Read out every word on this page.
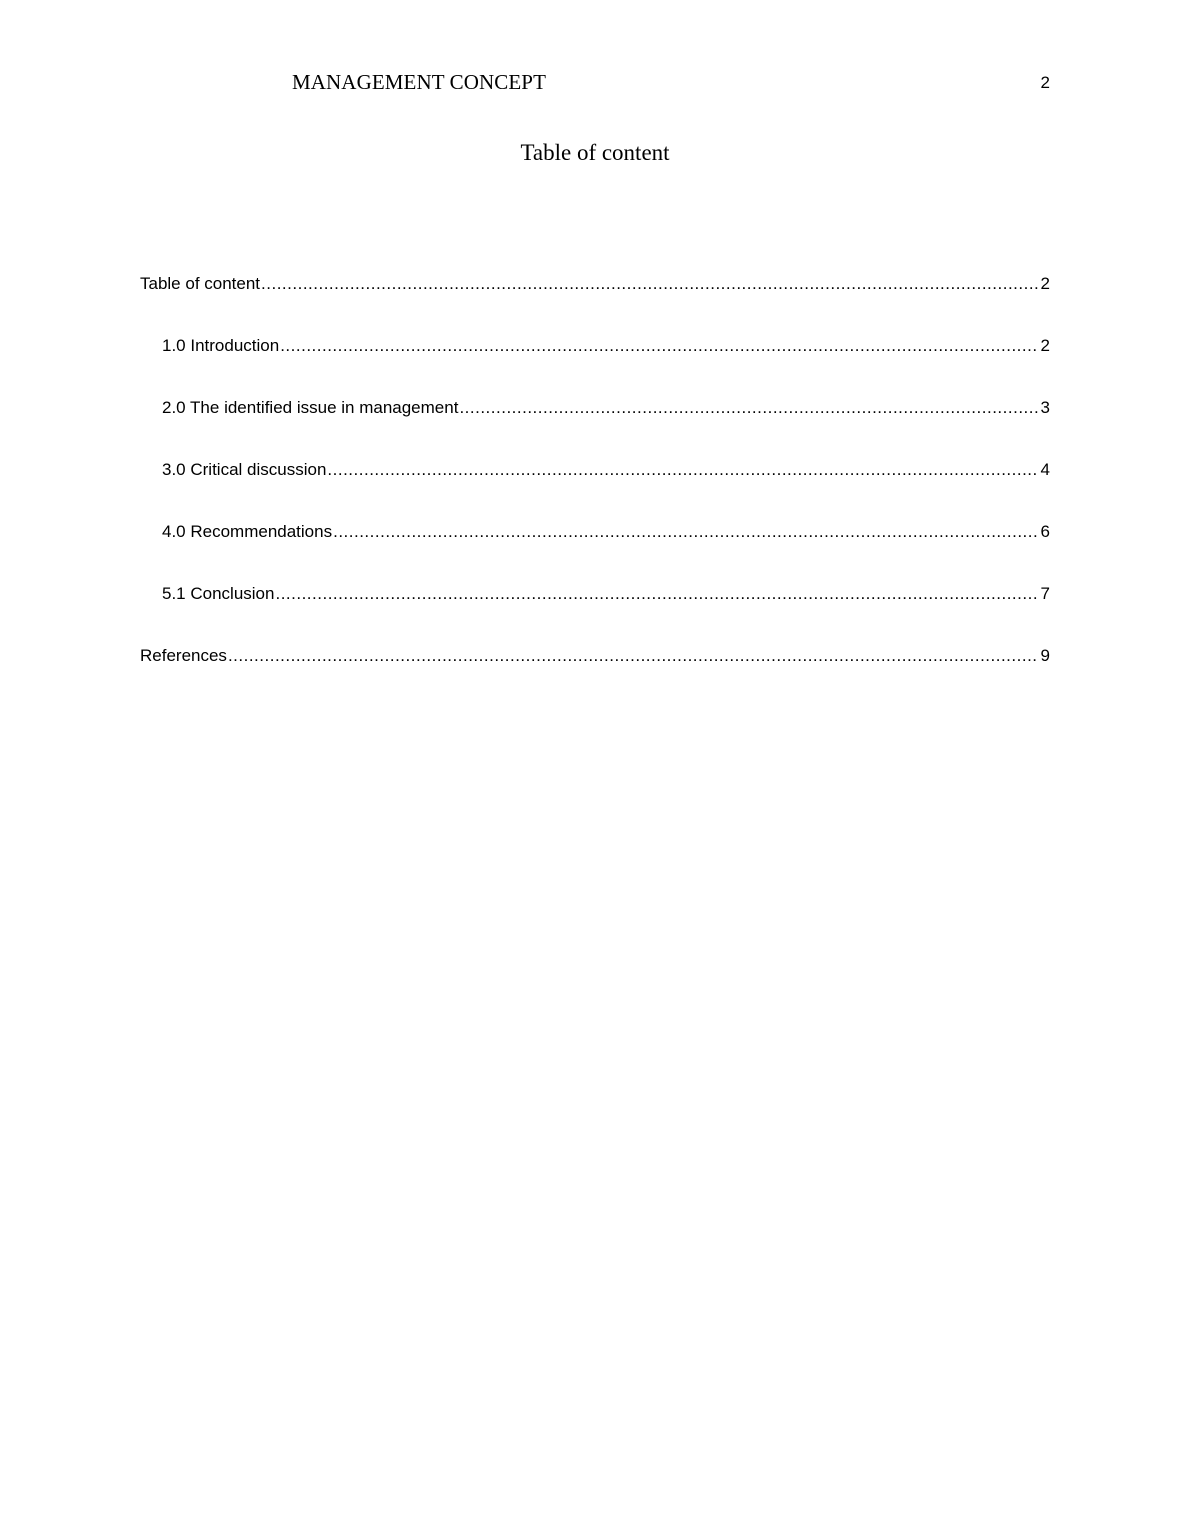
MANAGEMENT CONCEPT	2
Table of content
Table of content .....	2
1.0 Introduction .....	2
2.0 The identified issue in management .....	3
3.0 Critical discussion .....	4
4.0 Recommendations .....	6
5.1 Conclusion .....	7
References .....	9
